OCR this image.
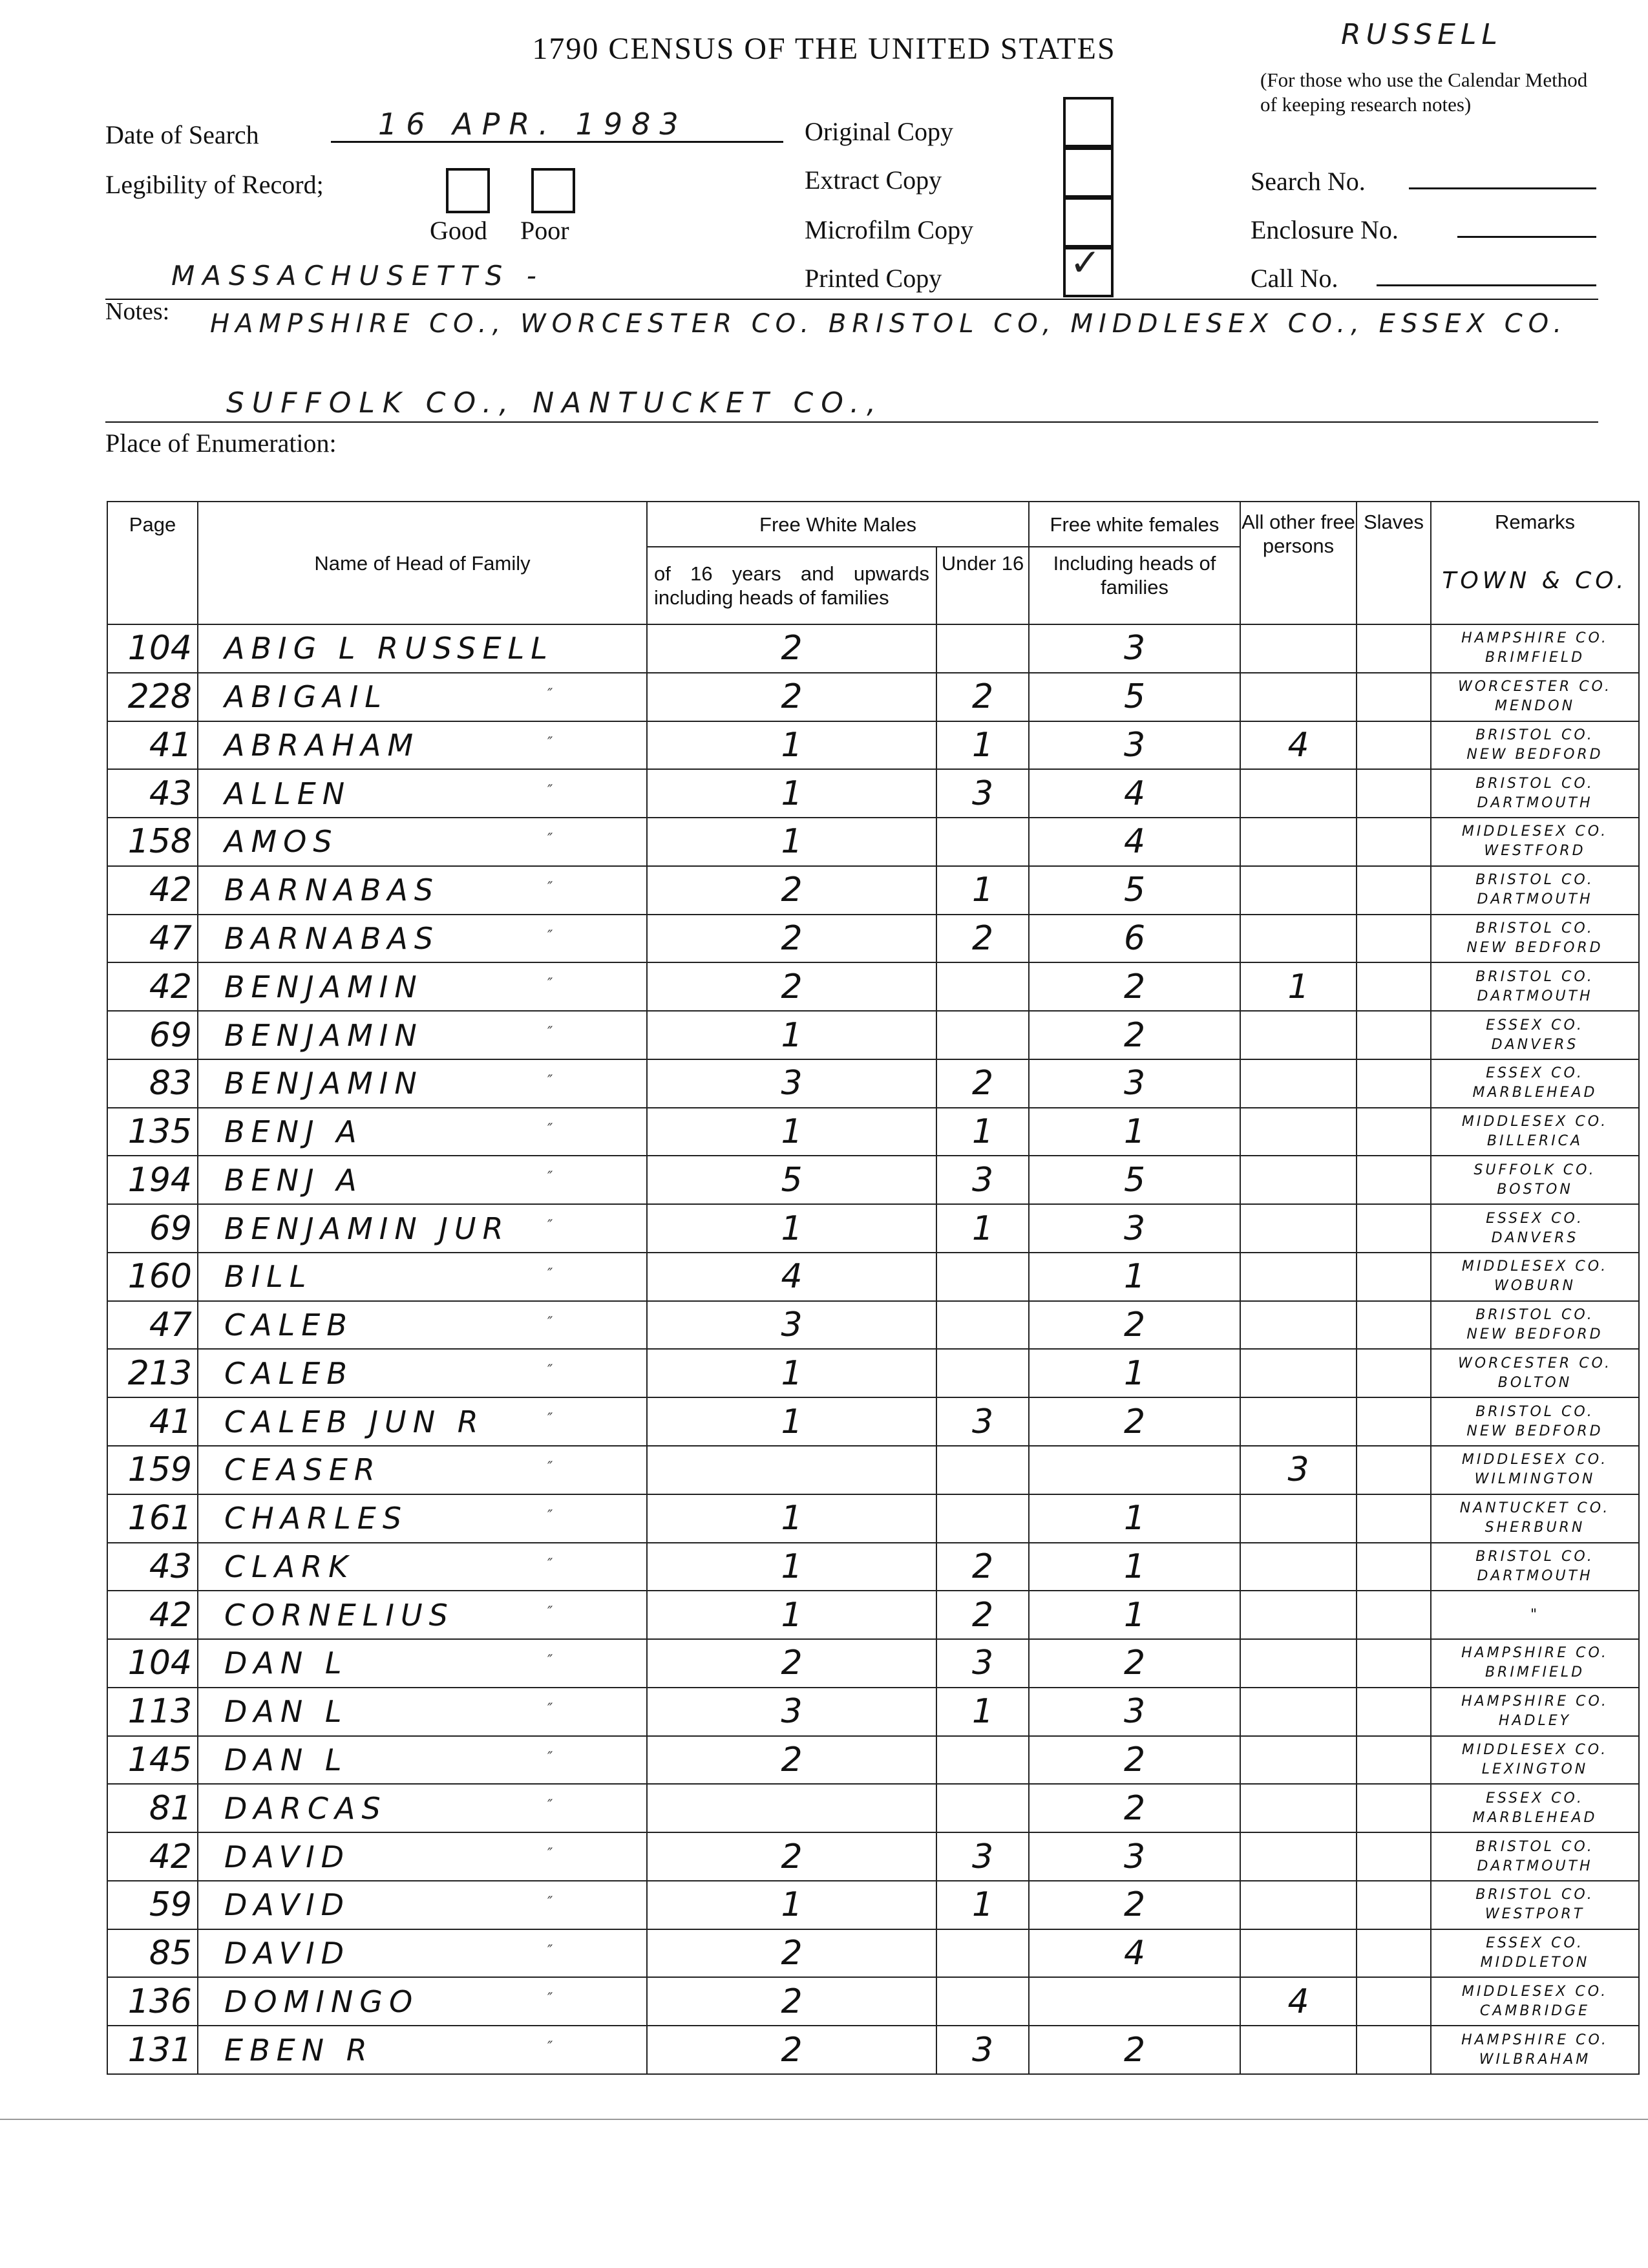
1790 CENSUS OF THE UNITED STATES	RUSSELL
(For those who use the Calendar Method of keeping research notes)
Date of Search	16 APR. 1983
Legibility of Record;
Good Poor
Original Copy
Extract Copy
Microfilm Copy
Printed Copy	✓
Search No.
Enclosure No.
Call No.
MASSACHUSETTS -
Notes: HAMPSHIRE CO., WORCESTER CO. BRISTOL CO, MIDDLESEX CO., ESSEX CO.
SUFFOLK CO., NANTUCKET CO.,
Place of Enumeration:
Page	Name of Head of Family	Free White Males		Free white females	All other free persons	Slaves	Remarks
TOWN & CO.

		of 16 years and upwards including heads of families	Under 16	Including heads of families			
104	ABIG L RUSSELL	2		3			HAMPSHIRE CO.
BRIMFIELD

228	ABIGAIL ″	2	2	5			WORCESTER CO.
MENDON

41	ABRAHAM ″	1	1	3	4		BRISTOL CO.
NEW BEDFORD

43	ALLEN ″	1	3	4			BRISTOL CO.
DARTMOUTH

158	AMOS ″	1		4			MIDDLESEX CO.
WESTFORD

42	BARNABAS ″	2	1	5			BRISTOL CO.
DARTMOUTH

47	BARNABAS ″	2	2	6			BRISTOL CO.
NEW BEDFORD

42	BENJAMIN ″	2		2	1		BRISTOL CO.
DARTMOUTH

69	BENJAMIN ″	1		2			ESSEX CO.
DANVERS

83	BENJAMIN ″	3	2	3			ESSEX CO.
MARBLEHEAD

135	BENJ A ″	1	1	1			MIDDLESEX CO.
BILLERICA

194	BENJ A ″	5	3	5			SUFFOLK CO.
BOSTON

69	BENJAMIN JUR ″	1	1	3			ESSEX CO.
DANVERS

160	BILL ″	4		1			MIDDLESEX CO.
WOBURN

47	CALEB ″	3		2			BRISTOL CO.
NEW BEDFORD

213	CALEB ″	1		1			WORCESTER CO.
BOLTON

41	CALEB JUN R ″	1	3	2			BRISTOL CO.
NEW BEDFORD

159	CEASER ″				3		MIDDLESEX CO.
WILMINGTON

161	CHARLES ″	1		1			NANTUCKET CO.
SHERBURN

43	CLARK ″	1	2	1			BRISTOL CO.
DARTMOUTH

42	CORNELIUS ″	1	2	1			"

104	DAN L ″	2	3	2			HAMPSHIRE CO.
BRIMFIELD

113	DAN L ″	3	1	3			HAMPSHIRE CO.
HADLEY

145	DAN L ″	2		2			MIDDLESEX CO.
LEXINGTON

81	DARCAS ″			2			ESSEX CO.
MARBLEHEAD

42	DAVID ″	2	3	3			BRISTOL CO.
DARTMOUTH

59	DAVID ″	1	1	2			BRISTOL CO.
WESTPORT

85	DAVID ″	2		4			ESSEX CO.
MIDDLETON

136	DOMINGO ″	2			4		MIDDLESEX CO.
CAMBRIDGE

131	EBEN R ″	2	3	2			HAMPSHIRE CO.
WILBRAHAM
